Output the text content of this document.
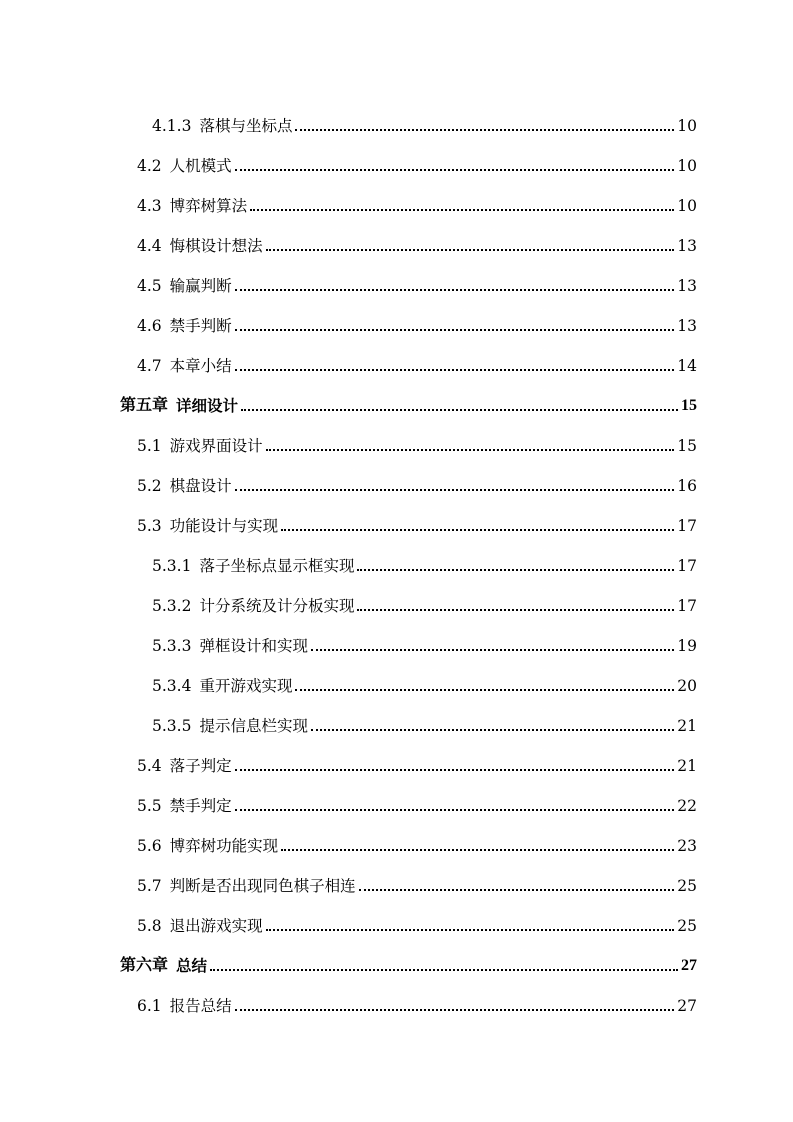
4.1.3 落棋与坐标点	10
4.2 人机模式	10
4.3 博弈树算法	10
4.4 悔棋设计想法	13
4.5 输赢判断	13
4.6 禁手判断	13
4.7 本章小结	14
第五章 详细设计	15
5.1 游戏界面设计	15
5.2 棋盘设计	16
5.3 功能设计与实现	17
5.3.1 落子坐标点显示框实现	17
5.3.2 计分系统及计分板实现	17
5.3.3 弹框设计和实现	19
5.3.4 重开游戏实现	20
5.3.5 提示信息栏实现	21
5.4 落子判定	21
5.5 禁手判定	22
5.6 博弈树功能实现	23
5.7 判断是否出现同色棋子相连	25
5.8 退出游戏实现	25
第六章 总结	27
6.1 报告总结	27
